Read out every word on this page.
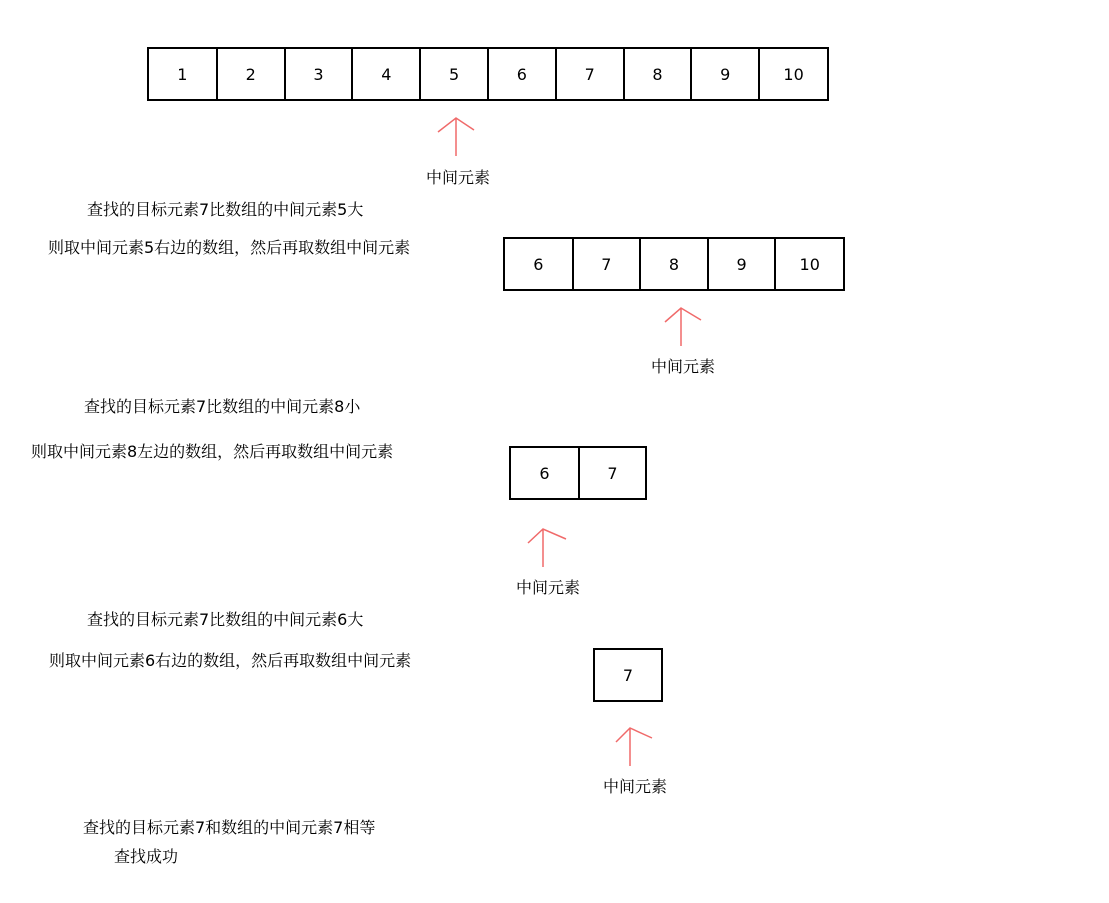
1	2	3	4	5	6	7	8	9	10
中间元素
查找的目标元素7比数组的中间元素5大
则取中间元素5右边的数组，然后再取数组中间元素
6	7	8	9	10
中间元素
查找的目标元素7比数组的中间元素8小
则取中间元素8左边的数组，然后再取数组中间元素
6	7
中间元素
查找的目标元素7比数组的中间元素6大
则取中间元素6右边的数组，然后再取数组中间元素
7
中间元素
查找的目标元素7和数组的中间元素7相等
查找成功
